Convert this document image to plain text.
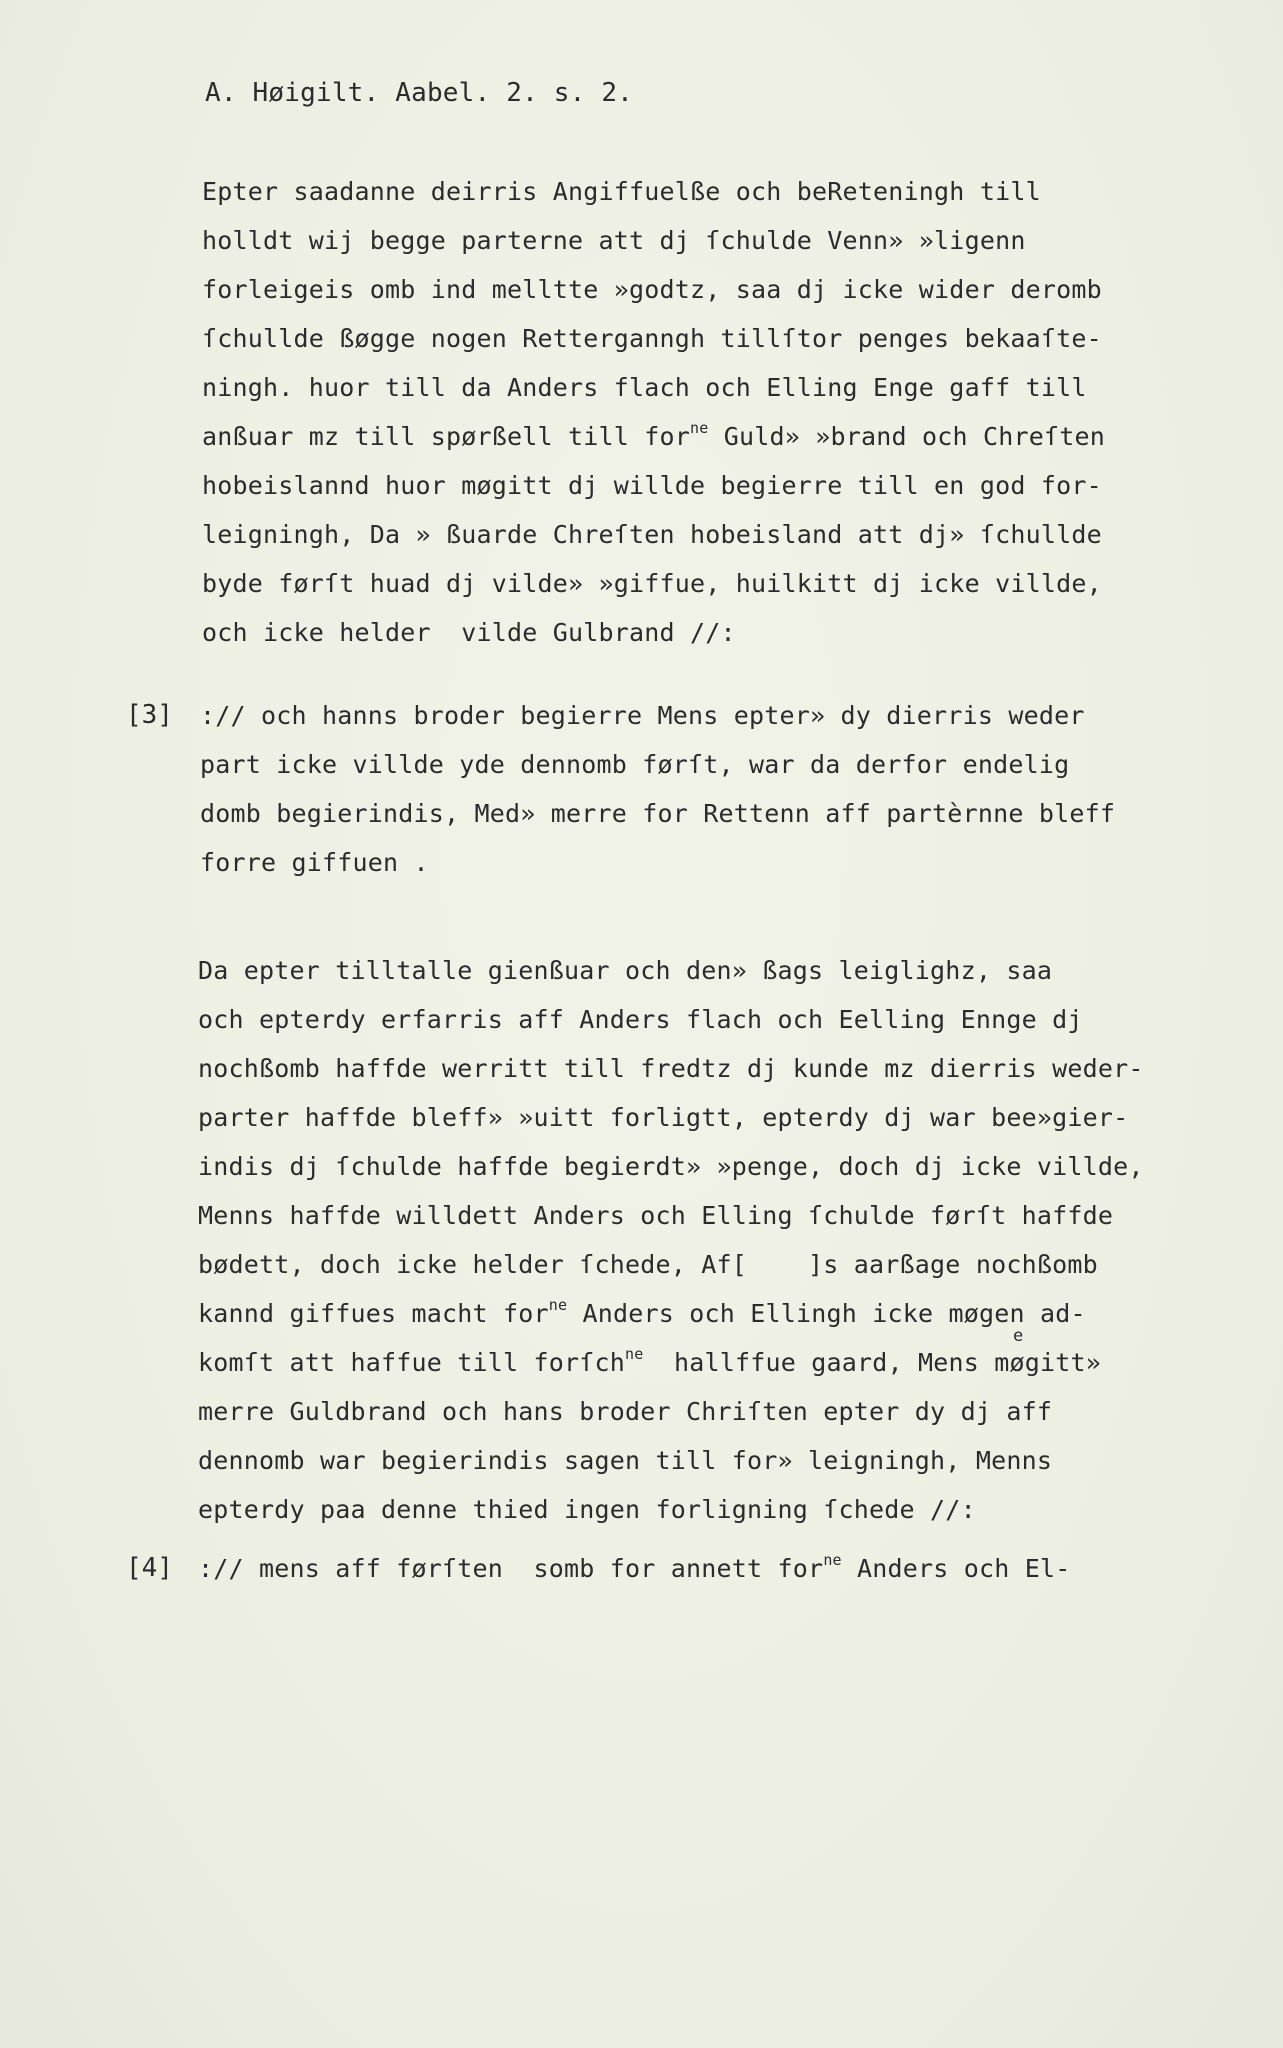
A. Høigilt. Aabel. 2. s. 2.
Epter saadanne deirris Angiffuelße och beReteningh till
holldt wij begge parterne att dj ſchulde Venn» »ligenn
forleigeis omb ind melltte »godtz, saa dj icke wider deromb
ſchullde ßøgge nogen Retterganngh tillſtor penges bekaaſte-
ningh. huor till da Anders flach och Elling Enge gaff till
anßuar mz till spørßell till for$^{ne}$ Guld» »brand och Chreſten
hobeislannd huor møgitt dj willde begierre till en god for-
leigningh, Da » ßuarde Chreſten hobeisland att dj» ſchullde
byde førſt huad dj vilde» »giffue, huilkitt dj icke villde,
och icke helder  vilde Gulbrand //:
[3] :// och hanns broder begierre Mens epter» dy dierris weder
part icke villde yde dennomb førſt, war da derfor endelig
domb begierindis, Med» merre for Rettenn aff partèrnne bleff
forre giffuen .
Da epter tilltalle gienßuar och den» ßags leiglighz, saa
och epterdy erfarris aff Anders flach och Eelling Ennge dj
nochßomb haffde werritt till fredtz dj kunde mz dierris weder-
parter haffde bleff» »uitt forligtt, epterdy dj war bee»gier-
indis dj ſchulde haffde begierdt» »penge, doch dj icke villde,
Menns haffde willdett Anders och Elling ſchulde førſt haffde
bødett, doch icke helder ſchede, Af[    ]s aarßage nochßomb
kannd giffues macht for$^{ne}$ Anders och Ellingh icke møgen ad-
komſt att haffue till forſch$^{ne}$  hallffue gaard, Mens møgitt»
e
merre Guldbrand och hans broder Chriſten epter dy dj aff
dennomb war begierindis sagen till for» leigningh, Menns
epterdy paa denne thied ingen forligning ſchede //:
[4] :// mens aff førſten  somb for annett for$^{ne}$ Anders och El-
